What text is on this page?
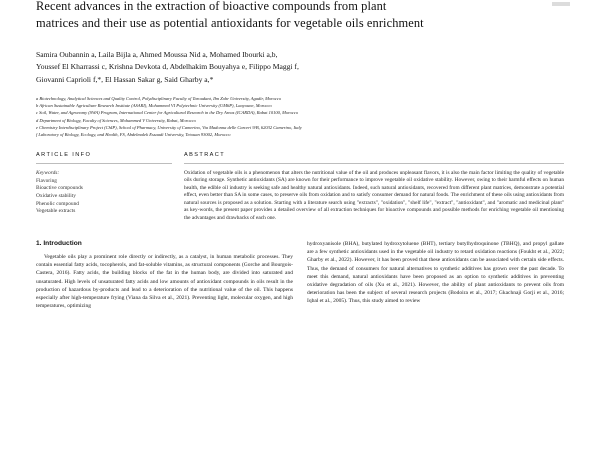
Recent advances in the extraction of bioactive compounds from plant
matrices and their use as potential antioxidants for vegetable oils enrichment
Samira Oubannin a, Laila Bijla a, Ahmed Moussa Nid a, Mohamed Ibourki a,b,
Youssef El Kharrassi c, Krishna Devkota d, Abdelhakim Bouyahya e, Filippo Maggi f,
Giovanni Caprioli f,*, El Hassan Sakar g, Said Gharby a,*
a Biotechnology, Analytical Sciences and Quality Control, Polydisciplinary Faculty of Taroudant, Ibn Zohr University, Agadir, Morocco
b African Sustainable Agriculture Research Institute (ASARI), Mohammed VI Polytechnic University (UM6P), Laayoune, Morocco
c Soil, Water, and Agronomy (SWA) Program, International Center for Agricultural Research in the Dry Areas (ICARDA), Rabat 10100, Morocco
d Department of Biology, Faculty of Sciences, Mohammed V University, Rabat, Morocco
e Chemistry Interdisciplinary Project (ChIP), School of Pharmacy, University of Camerino, Via Madonna delle Carceri 9/B, 62032 Camerino, Italy
f Laboratory of Biology, Ecology, and Health, FS, Abdelmalek Essaadi University, Tetouan 93002, Morocco
ARTICLE INFO
Keywords:
Flavoring
Bioactive compounds
Oxidative stability
Phenolic compound
Vegetable extracts
ABSTRACT
Oxidation of vegetable oils is a phenomenon that alters the nutritional value of the oil and produces unpleasant flavors, it is also the main factor limiting the quality of vegetable oils during storage. Synthetic antioxidants (SA) are known for their performance to improve vegetable oil oxidative stability. However, owing to their harmful effects on human health, the edible oil industry is seeking safe and healthy natural antioxidants. Indeed, such natural antioxidants, recovered from different plant matrices, demonstrate a potential effect, even better than SA in some cases, to preserve oils from oxidation and to satisfy consumer demand for natural foods. The enrichment of these oils using antioxidants from natural sources is proposed as a solution. Starting with a literature search using "extracts", "oxidation", "shelf life", "extract", "antioxidant", and "aromatic and medicinal plant" as key-words, the present paper provides a detailed overview of all extraction techniques for bioactive compounds and possible methods for enriching vegetable oil mentioning the advantages and drawbacks of each one.
1. Introduction

Vegetable oils play a prominent role directly or indirectly, as a catalyst, in human metabolic processes. They contain essential fatty acids, tocopherols, and fat-soluble vitamins, as structural components (Gorche and Bourgois-Castera, 2016). Fatty acids, the building blocks of the fat in the human body, are divided into saturated and unsaturated. High levels of unsaturated fatty acids and low amounts of antioxidant compounds in oils result in the production of hazardous by-products and lead to a deterioration of the nutritional value of the oil. This happens especially after high-temperature frying (Viana da Silva et al., 2021). Preventing light, molecular oxygen, and high temperatures, optimizing

hydroxyanisole (BHA), butylated hydroxytoluene (BHT), tertiary butylhydroquinone (TBHQ), and propyl gallate are a few synthetic antioxidants used in the vegetable oil industry to retard oxidation reactions (Foukht et al., 2022; Gharby et al., 2022). However, it has been proved that these antioxidants can be associated with certain side effects. Thus, the demand of consumers for natural alternatives to synthetic additives has grown over the past decade. To meet this demand, natural antioxidants have been proposed as an option to synthetic additives in preventing oxidative degradation of oils (Xu et al., 2021). However, the ability of plant antioxidants to prevent oils from deterioration has been the subject of several research projects (Bodoira et al., 2017; Gkachnaji Gorji et al., 2016; Iqbal et al., 2005). Thus, this study aimed to review
